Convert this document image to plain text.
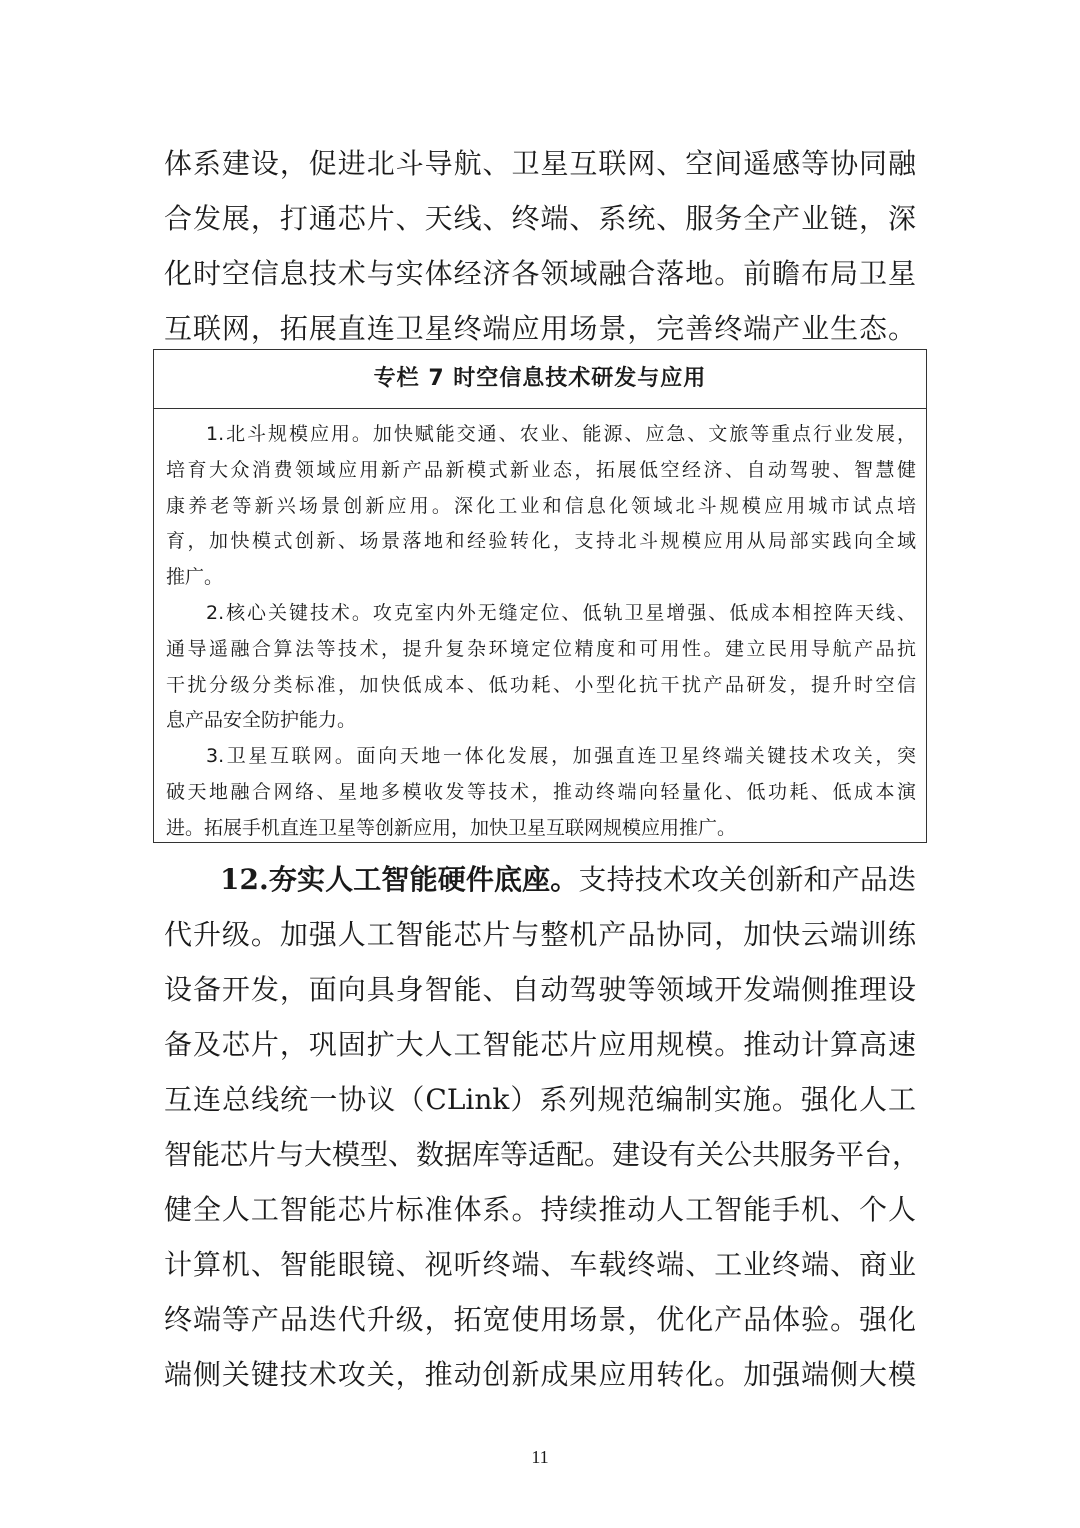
体系建设，促进北斗导航、卫星互联网、空间遥感等协同融
合发展，打通芯片、天线、终端、系统、服务全产业链，深
化时空信息技术与实体经济各领域融合落地。前瞻布局卫星
互联网，拓展直连卫星终端应用场景，完善终端产业生态。
专栏 7 时空信息技术研发与应用
1.北斗规模应用。加快赋能交通、农业、能源、应急、文旅等重点行业发展，
培育大众消费领域应用新产品新模式新业态，拓展低空经济、自动驾驶、智慧健
康养老等新兴场景创新应用。深化工业和信息化领域北斗规模应用城市试点培
育，加快模式创新、场景落地和经验转化，支持北斗规模应用从局部实践向全域
推广。
2.核心关键技术。攻克室内外无缝定位、低轨卫星增强、低成本相控阵天线、
通导遥融合算法等技术，提升复杂环境定位精度和可用性。建立民用导航产品抗
干扰分级分类标准，加快低成本、低功耗、小型化抗干扰产品研发，提升时空信
息产品安全防护能力。
3.卫星互联网。面向天地一体化发展，加强直连卫星终端关键技术攻关，突
破天地融合网络、星地多模收发等技术，推动终端向轻量化、低功耗、低成本演
进。拓展手机直连卫星等创新应用，加快卫星互联网规模应用推广。
12.夯实人工智能硬件底座。支持技术攻关创新和产品迭
代升级。加强人工智能芯片与整机产品协同，加快云端训练
设备开发，面向具身智能、自动驾驶等领域开发端侧推理设
备及芯片，巩固扩大人工智能芯片应用规模。推动计算高速
互连总线统一协议（CLink）系列规范编制实施。强化人工
智能芯片与大模型、数据库等适配。建设有关公共服务平台，
健全人工智能芯片标准体系。持续推动人工智能手机、个人
计算机、智能眼镜、视听终端、车载终端、工业终端、商业
终端等产品迭代升级，拓宽使用场景，优化产品体验。强化
端侧关键技术攻关，推动创新成果应用转化。加强端侧大模
11
